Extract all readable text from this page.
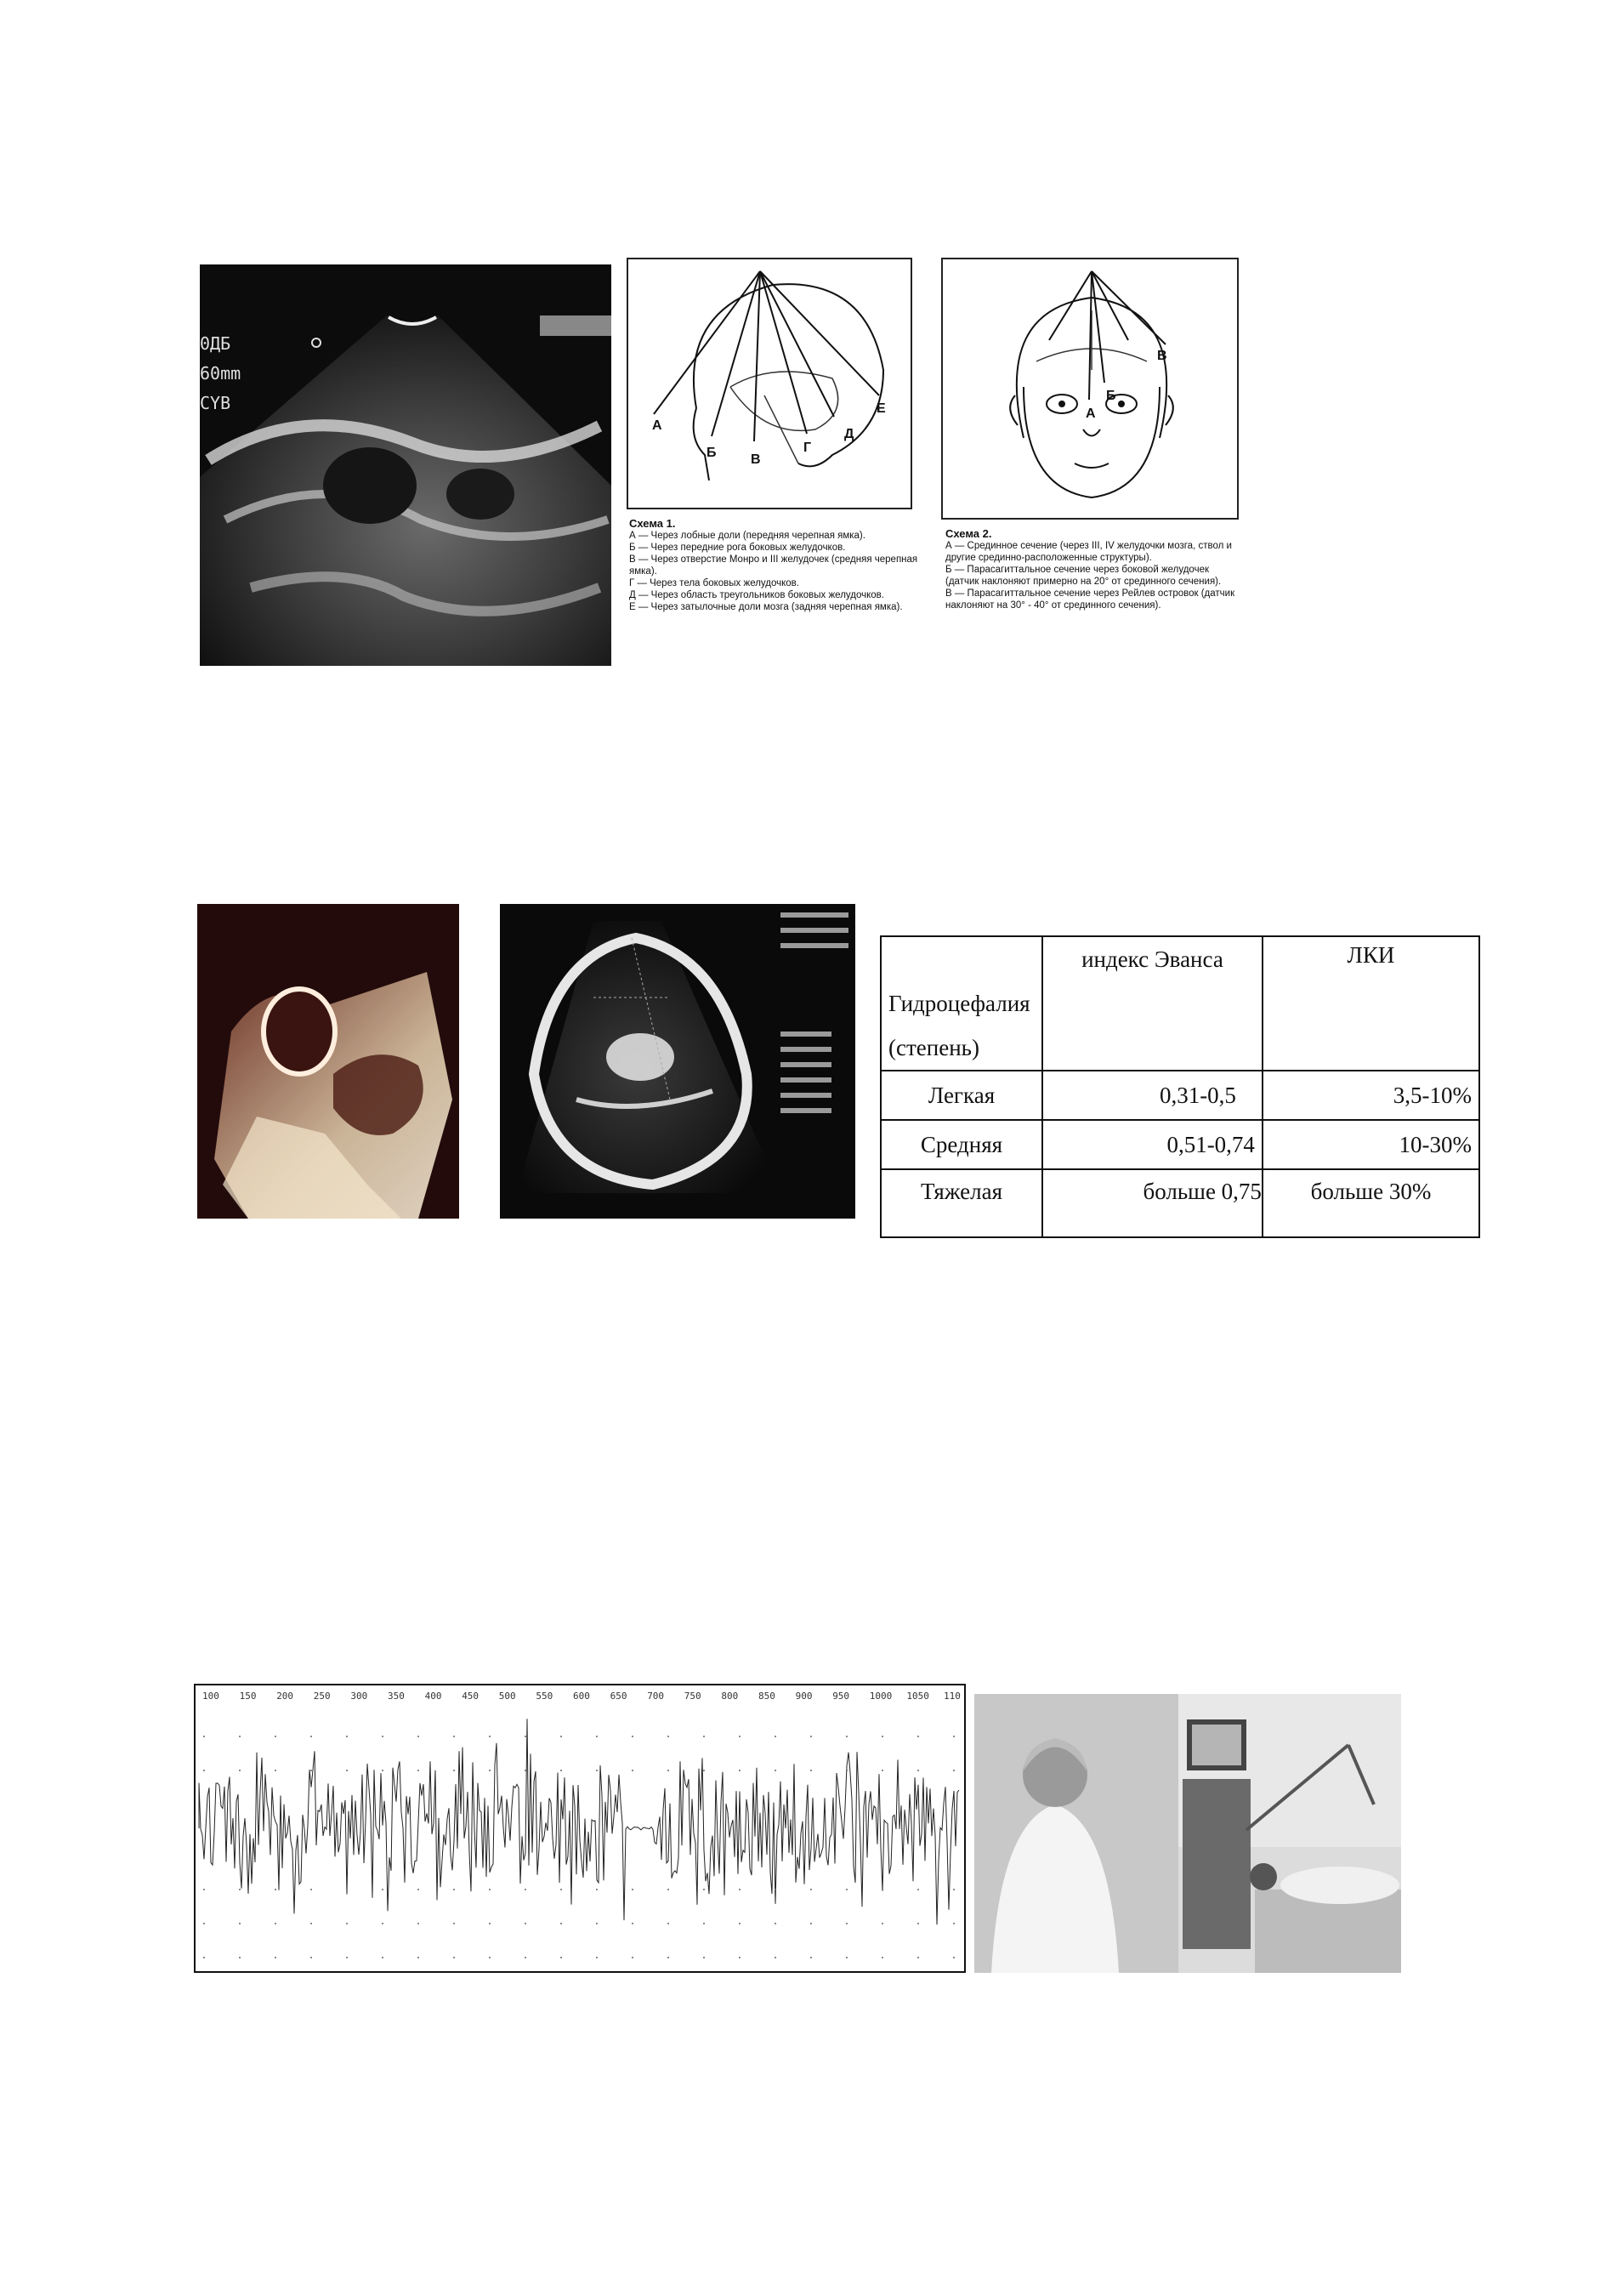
0ДБ
60mm
CYB
А
Б	В
Г
Д
Е
Схема 1.
А — Через лобные доли (передняя черепная ямка).
Б — Через передние рога боковых желудочков.
В — Через отверстие Монро и III желудочек (средняя черепная ямка).
Г — Через тела боковых желудочков.
Д — Через область треугольников боковых желудочков.
Е — Через затылочные доли мозга (задняя черепная ямка).
А
Б
В
Схема 2.
А — Срединное сечение (через III, IV желудочки мозга, ствол и другие срединно-расположенные структуры).
Б — Парасагиттальное сечение через боковой желудочек (датчик наклоняют примерно на 20° от срединного сечения).
В — Парасагиттальное сечение через Рейлев островок (датчик наклоняют на 30° - 40° от срединного сечения).

Гидроцефалия (степень)	индекс Эванса	ЛКИ
Легкая	0,31-0,5	3,5-10%
Средняя	0,51-0,74	10-30%
Тяжелая	больше 0,75	больше 30%
100 150 200 250 300 350 400 450 500 550 600 650 700 750 800 850 900 950 1000 1050 110
